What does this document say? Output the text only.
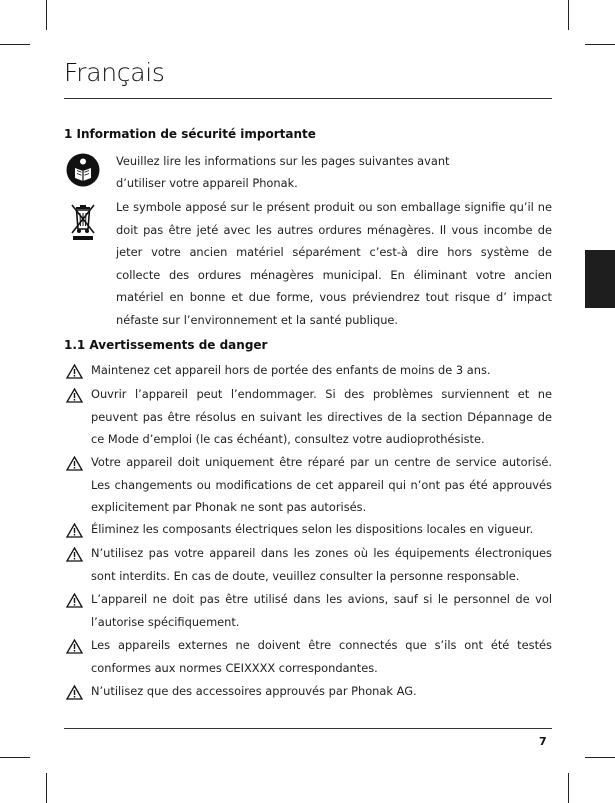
Français
1 Information de sécurité importante

Veuillez lire les informations sur les pages suivantes avant

d’utiliser votre appareil Phonak.

Le symbole apposé sur le présent produit ou son emballage signifie qu’il ne doit pas être jeté avec les autres ordures ménagères. Il vous incombe de jeter votre ancien matériel séparément c’est-à dire hors système de collecte des ordures ménagères municipal. En éliminant votre ancien matériel en bonne et due forme, vous préviendrez tout risque d’ impact néfaste sur l’environnement et la santé publique.

1.1 Avertissements de danger

Maintenez cet appareil hors de portée des enfants de moins de 3 ans.

Ouvrir l’appareil peut l’endommager. Si des problèmes surviennent et ne peuvent pas être résolus en suivant les directives de la section Dépannage de ce Mode d’emploi (le cas échéant), consultez votre audioprothésiste.

Votre appareil doit uniquement être réparé par un centre de service autorisé. Les changements ou modifications de cet appareil qui n’ont pas été approuvés explicitement par Phonak ne sont pas autorisés.

Éliminez les composants électriques selon les dispositions locales en vigueur.

N’utilisez pas votre appareil dans les zones où les équipements électroniques sont interdits. En cas de doute, veuillez consulter la personne responsable.

L’appareil ne doit pas être utilisé dans les avions, sauf si le personnel de vol l’autorise spécifiquement.

Les appareils externes ne doivent être connectés que s’ils ont été testés conformes aux normes CEIXXXX correspondantes.

N’utilisez que des accessoires approuvés par Phonak AG.

7
